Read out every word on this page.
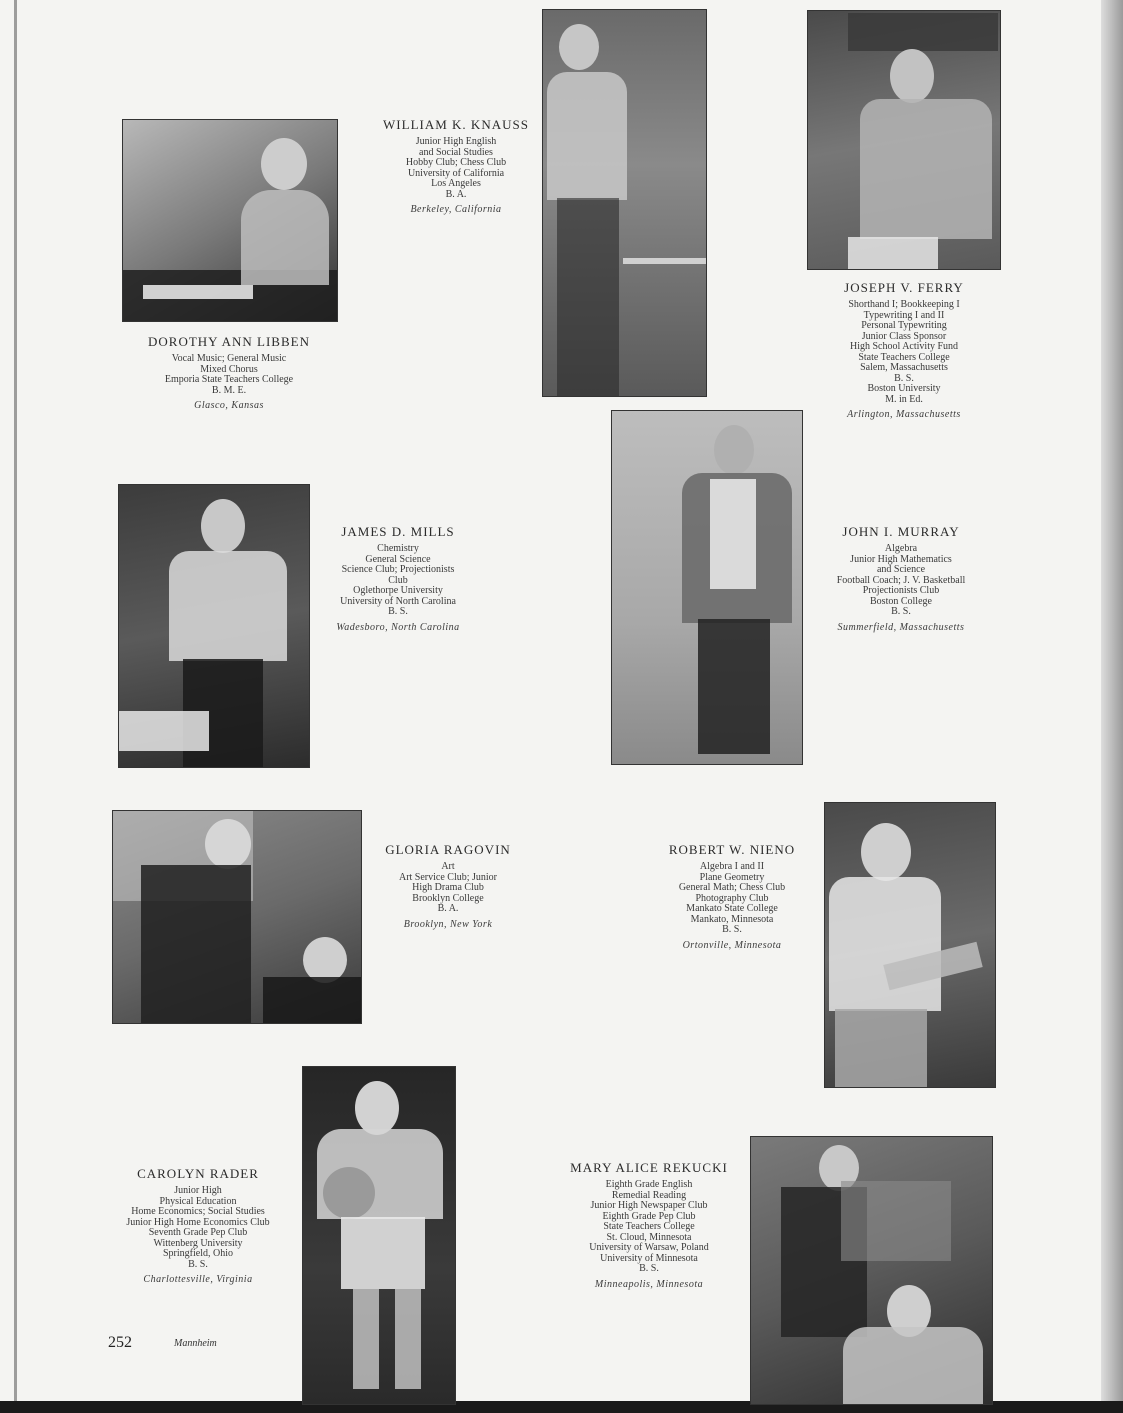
DOROTHY ANN LIBBEN
Vocal Music; General Music
Mixed Chorus
Emporia State Teachers College
B. M. E.
Glasco, Kansas
WILLIAM K. KNAUSS
Junior High English
and Social Studies
Hobby Club; Chess Club
University of California
Los Angeles
B. A.
Berkeley, California
JOSEPH V. FERRY
Shorthand I; Bookkeeping I
Typewriting I and II
Personal Typewriting
Junior Class Sponsor
High School Activity Fund
State Teachers College
Salem, Massachusetts
B. S.
Boston University
M. in Ed.
Arlington, Massachusetts
JAMES D. MILLS
Chemistry
General Science
Science Club; Projectionists
Club
Oglethorpe University
University of North Carolina
B. S.
Wadesboro, North Carolina
JOHN I. MURRAY
Algebra
Junior High Mathematics
and Science
Football Coach; J. V. Basketball
Projectionists Club
Boston College
B. S.
Summerfield, Massachusetts
GLORIA RAGOVIN
Art
Art Service Club; Junior
High Drama Club
Brooklyn College
B. A.
Brooklyn, New York
ROBERT W. NIENO
Algebra I and II
Plane Geometry
General Math; Chess Club
Photography Club
Mankato State College
Mankato, Minnesota
B. S.
Ortonville, Minnesota
CAROLYN RADER
Junior High
Physical Education
Home Economics; Social Studies
Junior High Home Economics Club
Seventh Grade Pep Club
Wittenberg University
Springfield, Ohio
B. S.
Charlottesville, Virginia
MARY ALICE REKUCKI
Eighth Grade English
Remedial Reading
Junior High Newspaper Club
Eighth Grade Pep Club
State Teachers College
St. Cloud, Minnesota
University of Warsaw, Poland
University of Minnesota
B. S.
Minneapolis, Minnesota
252	Mannheim
